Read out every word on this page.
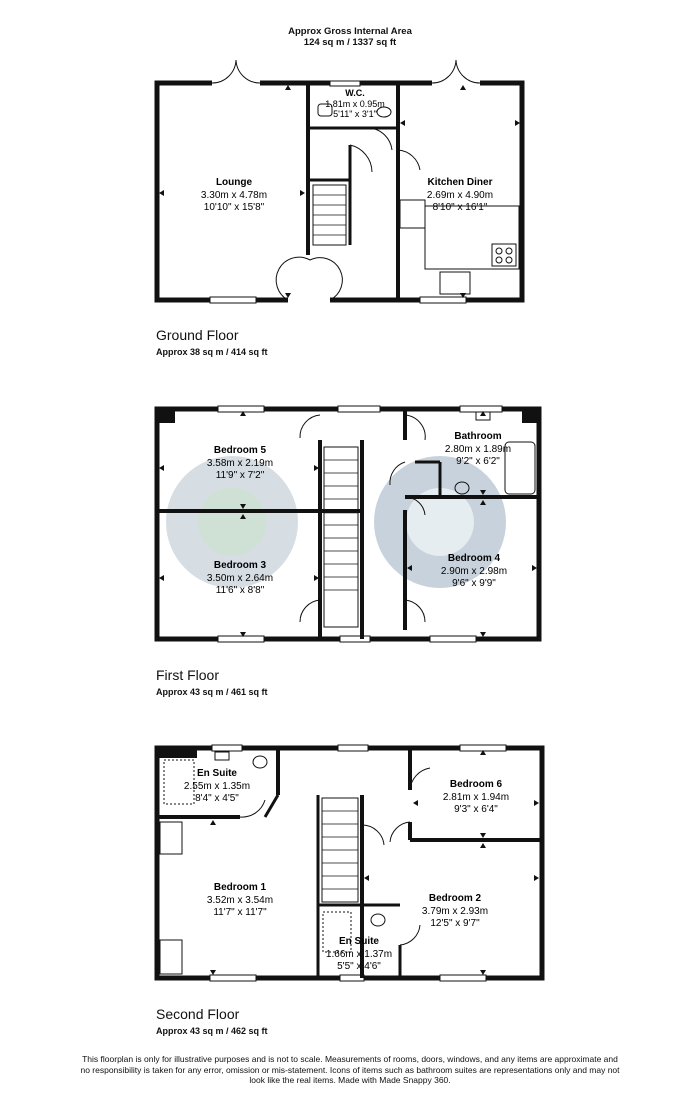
Approx Gross Internal Area
124 sq m / 1337 sq ft
W.C.
1.81m x 0.95m
5'11" x 3'1"
Lounge
3.30m x 4.78m
10'10" x 15'8"
Kitchen Diner
2.69m x 4.90m
8'10" x 16'1"
Bedroom 5
3.58m x 2.19m
11'9" x 7'2"
Bathroom
2.80m x 1.89m
9'2" x 6'2"
Bedroom 3
3.50m x 2.64m
11'6" x 8'8"
Bedroom 4
2.90m x 2.98m
9'6" x 9'9"
En Suite
2.55m x 1.35m
8'4" x 4'5"
Bedroom 6
2.81m x 1.94m
9'3" x 6'4"
Bedroom 1
3.52m x 3.54m
11'7" x 11'7"
Bedroom 2
3.79m x 2.93m
12'5" x 9'7"
En Suite
1.66m x 1.37m
5'5" x 4'6"
Ground Floor
Approx 38 sq m / 414 sq ft
First Floor
Approx 43 sq m / 461 sq ft
Second Floor
Approx 43 sq m / 462 sq ft
This floorplan is only for illustrative purposes and is not to scale. Measurements of rooms, doors, windows, and any items are approximate and no responsibility is taken for any error, omission or mis-statement. Icons of items such as bathroom suites are representations only and may not look like the real items. Made with Made Snappy 360.
